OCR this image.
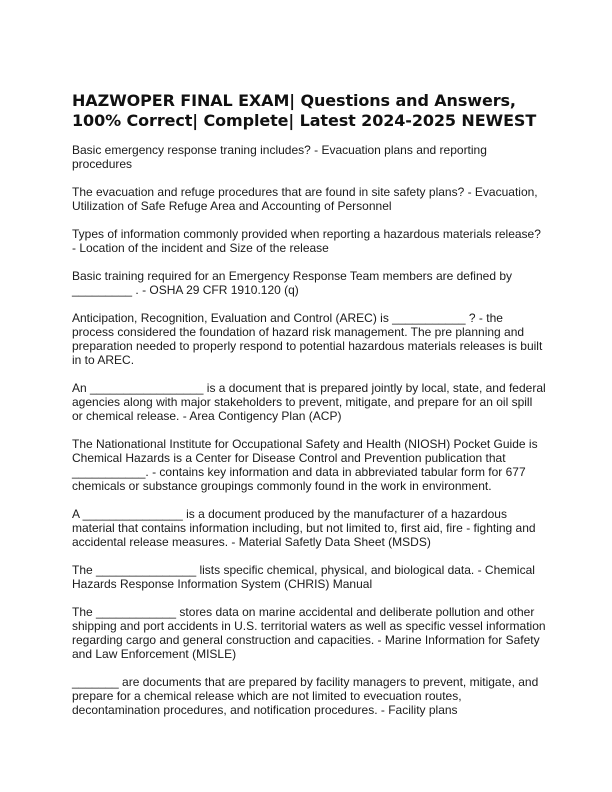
HAZWOPER FINAL EXAM| Questions and Answers, 100% Correct| Complete| Latest 2024-2025 NEWEST
Basic emergency response traning includes? - Evacuation plans and reporting procedures
The evacuation and refuge procedures that are found in site safety plans? - Evacuation, Utilization of Safe Refuge Area and Accounting of Personnel
Types of information commonly provided when reporting a hazardous materials release? - Location of the incident and Size of the release
Basic training required for an Emergency Response Team members are defined by _________ . - OSHA 29 CFR 1910.120 (q)
Anticipation, Recognition, Evaluation and Control (AREC) is ___________ ? - the process considered the foundation of hazard risk management. The pre planning and preparation needed to properly respond to potential hazardous materials releases is built in to AREC.
An _________________ is a document that is prepared jointly by local, state, and federal agencies along with major stakeholders to prevent, mitigate, and prepare for an oil spill or chemical release. - Area Contigency Plan (ACP)
The Nationational Institute for Occupational Safety and Health (NIOSH) Pocket Guide is Chemical Hazards is a Center for Disease Control and Prevention publication that ___________. - contains key information and data in abbreviated tabular form for 677 chemicals or substance groupings commonly found in the work in environment.
A _______________ is a document produced by the manufacturer of a hazardous material that contains information including, but not limited to, first aid, fire - fighting and accidental release measures. - Material Safetly Data Sheet (MSDS)
The _______________ lists specific chemical, physical, and biological data. - Chemical Hazards Response Information System (CHRIS) Manual
The ____________ stores data on marine accidental and deliberate pollution and other shipping and port accidents in U.S. territorial waters as well as specific vessel information regarding cargo and general construction and capacities. - Marine Information for Safety and Law Enforcement (MISLE)
_______ are documents that are prepared by facility managers to prevent, mitigate, and prepare for a chemical release which are not limited to evecuation routes, decontamination procedures, and notification procedures. - Facility plans
